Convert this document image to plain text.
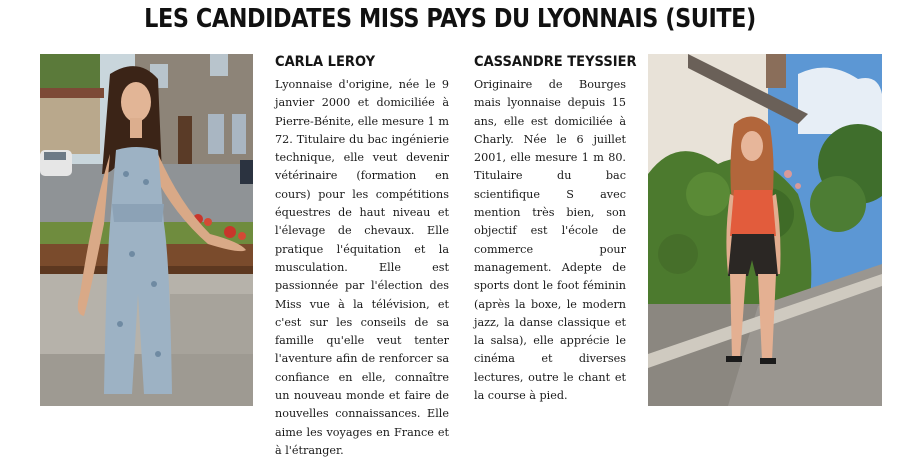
LES CANDIDATES MISS PAYS DU LYONNAIS (SUITE)
CARLA LEROY

Lyonnaise d'origine, née le 9 janvier 2000 et domiciliée à Pierre-Bénite, elle mesure 1 m 72. Titulaire du bac ingénierie technique, elle veut devenir vétérinaire (formation en cours) pour les compétitions équestres de haut niveau et l'élevage de chevaux. Elle pratique l'équitation et la musculation. Elle est passionnée par l'élection des Miss vue à la télévision, et c'est sur les conseils de sa famille qu'elle veut tenter l'aventure afin de renforcer sa confiance en elle, connaître un nouveau monde et faire de nouvelles connaissances. Elle aime les voyages en France et à l'étranger.

CASSANDRE TEYSSIER

Originaire de Bourges mais lyonnaise depuis 15 ans, elle est domiciliée à Charly. Née le 6 juillet 2001, elle mesure 1 m 80. Titulaire du bac scientifique S avec mention très bien, son objectif est l'école de commerce pour management. Adepte de sports dont le foot féminin (après la boxe, le modern jazz, la danse classique et la salsa), elle apprécie le cinéma et diverses lectures, outre le chant et la course à pied.
